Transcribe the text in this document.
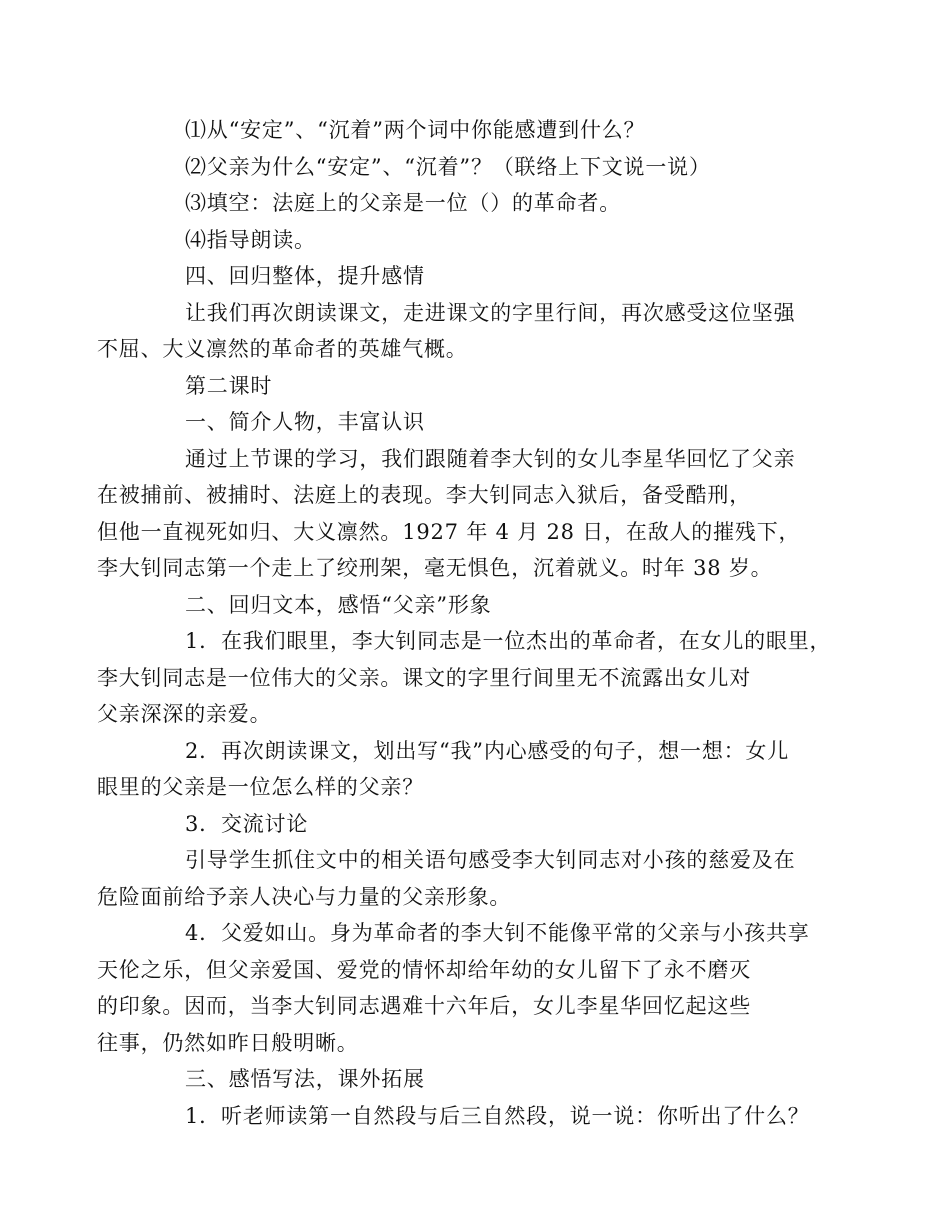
⑴从“安定”、“沉着”两个词中你能感遭到什么？

⑵父亲为什么“安定”、“沉着”？（联络上下文说一说）

⑶填空：法庭上的父亲是一位（）的革命者。

⑷指导朗读。

四、回归整体，提升感情

让我们再次朗读课文，走进课文的字里行间，再次感受这位坚强
不屈、大义凛然的革命者的英雄气概。

第二课时

一、简介人物，丰富认识

通过上节课的学习，我们跟随着李大钊的女儿李星华回忆了父亲
在被捕前、被捕时、法庭上的表现。李大钊同志入狱后，备受酷刑，
但他一直视死如归、大义凛然。1927 年 4 月 28 日，在敌人的摧残下，
李大钊同志第一个走上了绞刑架，毫无惧色，沉着就义。时年 38 岁。

二、回归文本，感悟“父亲”形象

1．在我们眼里，李大钊同志是一位杰出的革命者，在女儿的眼里，
李大钊同志是一位伟大的父亲。课文的字里行间里无不流露出女儿对
父亲深深的亲爱。

2．再次朗读课文，划出写“我”内心感受的句子，想一想：女儿
眼里的父亲是一位怎么样的父亲？

3．交流讨论

引导学生抓住文中的相关语句感受李大钊同志对小孩的慈爱及在
危险面前给予亲人决心与力量的父亲形象。

4．父爱如山。身为革命者的李大钊不能像平常的父亲与小孩共享
天伦之乐，但父亲爱国、爱党的情怀却给年幼的女儿留下了永不磨灭
的印象。因而，当李大钊同志遇难十六年后，女儿李星华回忆起这些
往事，仍然如昨日般明晰。

三、感悟写法，课外拓展

1．听老师读第一自然段与后三自然段，说一说：你听出了什么？
